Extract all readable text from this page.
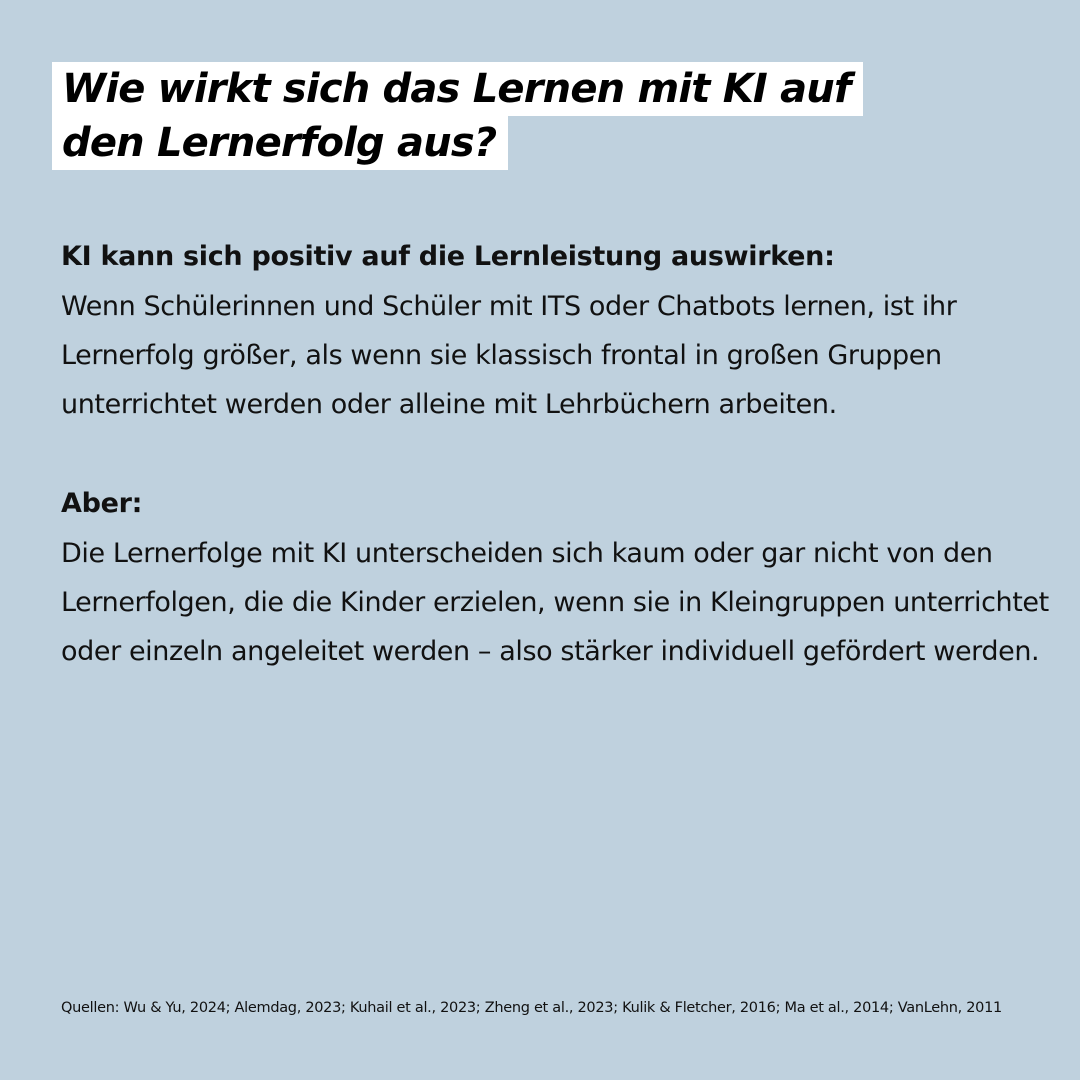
Wie wirkt sich das Lernen mit KI auf
den Lernerfolg aus?

KI kann sich positiv auf die Lernleistung auswirken:

Wenn Schülerinnen und Schüler mit ITS oder Chatbots lernen, ist ihr Lernerfolg größer, als wenn sie klassisch frontal in großen Gruppen unterrichtet werden oder alleine mit Lehrbüchern arbeiten.

Aber:

Die Lernerfolge mit KI unterscheiden sich kaum oder gar nicht von den Lernerfolgen, die die Kinder erzielen, wenn sie in Kleingruppen unterrichtet oder einzeln angeleitet werden – also stärker individuell gefördert werden.

Quellen: Wu & Yu, 2024; Alemdag, 2023; Kuhail et al., 2023; Zheng et al., 2023; Kulik & Fletcher, 2016; Ma et al., 2014; VanLehn, 2011
